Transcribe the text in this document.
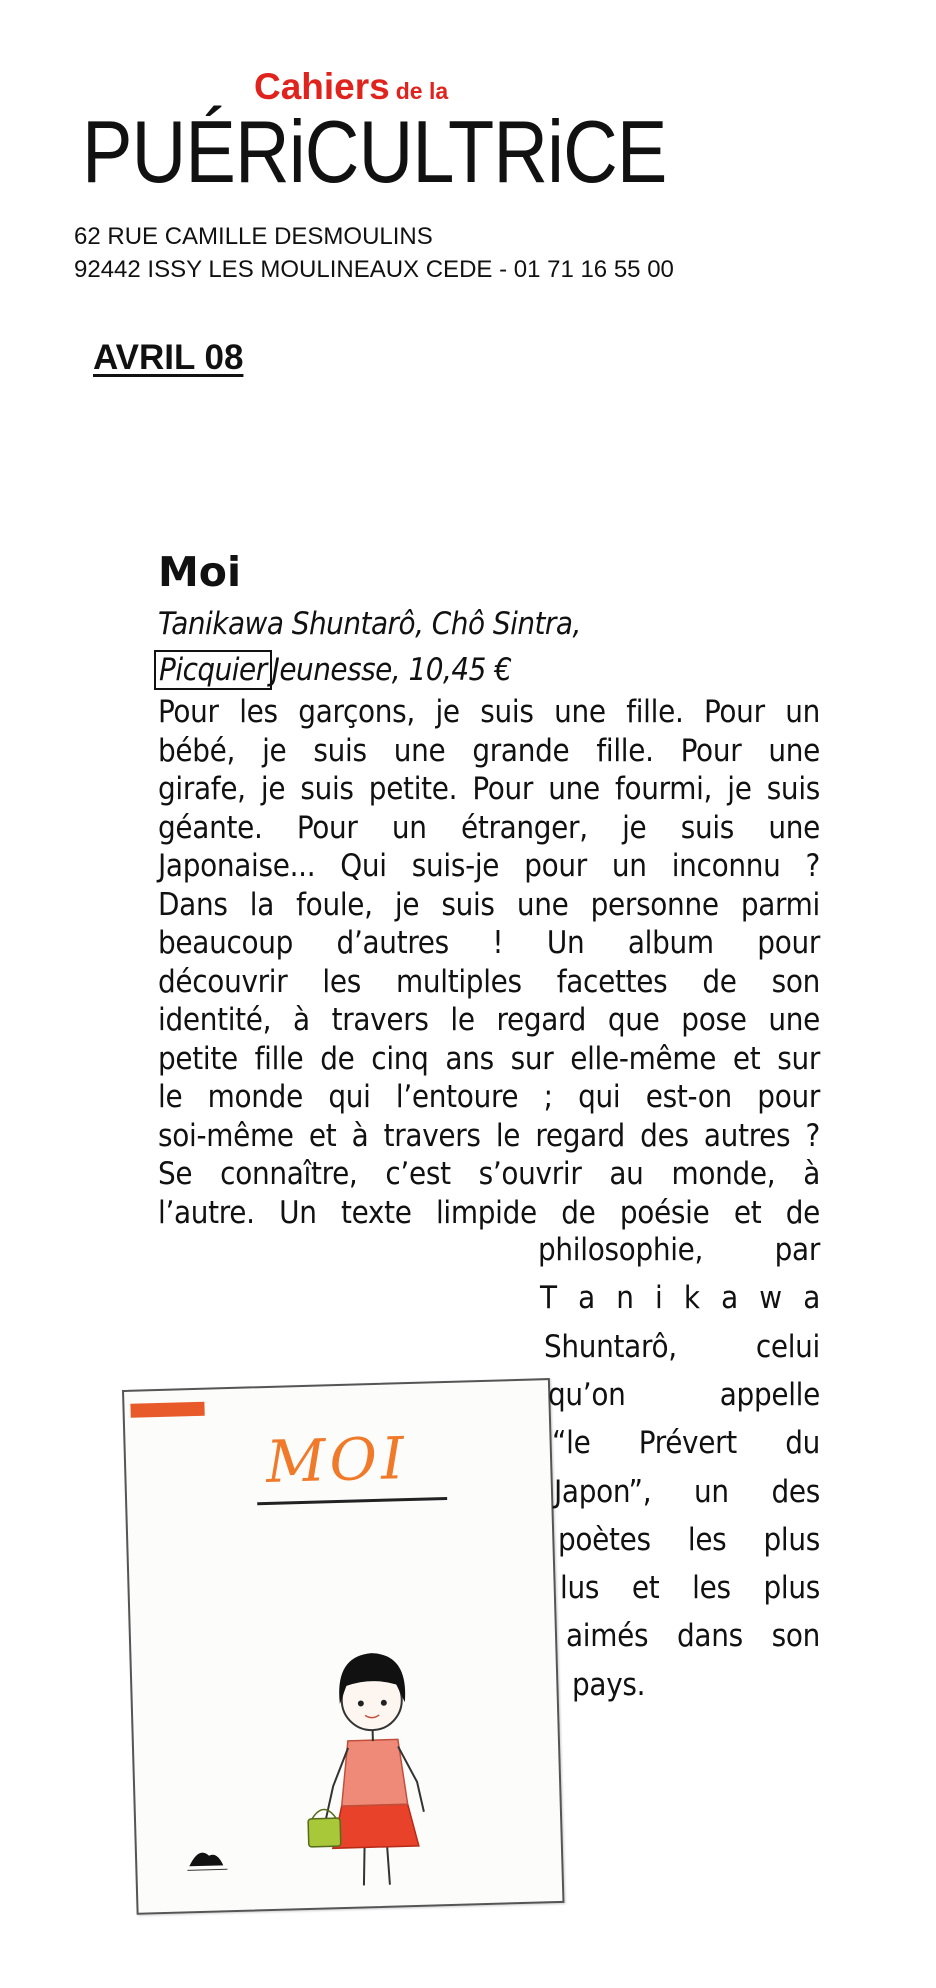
Cahiers de la
PUÉRiCULTRiCE
62 RUE CAMILLE DESMOULINS
92442 ISSY LES MOULINEAUX CEDE - 01 71 16 55 00
AVRIL 08
Moi
Tanikawa Shuntarô, Chô Sintra,
Picquier Jeunesse, 10,45 €
Pour les garçons, je suis une fille. Pour un
bébé, je suis une grande fille. Pour une
girafe, je suis petite. Pour une fourmi, je suis
géante. Pour un étranger, je suis une
Japonaise... Qui suis-je pour un inconnu ?
Dans la foule, je suis une personne parmi
beaucoup d’autres ! Un album pour
découvrir les multiples facettes de son
identité, à travers le regard que pose une
petite fille de cinq ans sur elle-même et sur
le monde qui l’entoure ; qui est-on pour
soi-même et à travers le regard des autres ?
Se connaître, c’est s’ouvrir au monde, à
l’autre. Un texte limpide de poésie et de
MOI
philosophie, par
T a n i k a w a
Shuntarô, celui
qu’on appelle
“le Prévert du
Japon”, un des
poètes les plus
lus et les plus
aimés dans son
pays.
